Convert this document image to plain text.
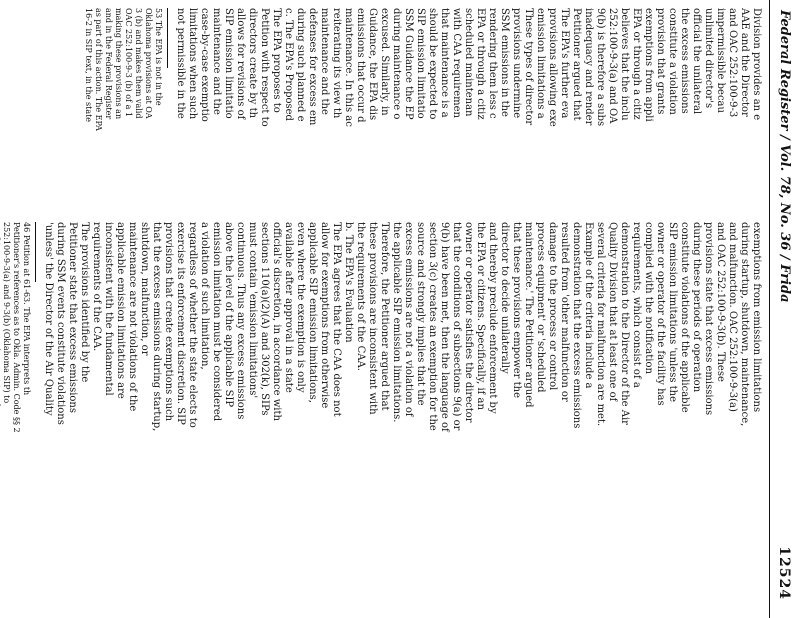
12524
Federal Register / Vol. 78, No. 36 / Frida

Division provides an e

AAE and the Director

and OAC 252:100-9-3

impermissible becau

unlimited director's

official the unilateral

the excess emissions

constitute a violation

provision that grants

exemptions from appli

EPA or through a citiz

believes that the inclu

252:100-9-3(a) and OA

9(b) is therefore a subs

inadequacy and render

Petitioner argued that

The EPA's further eva

provisions allowing exe

emission limitations a

These types of director

provisions undermine

SSM emissions in the

rendering them less c

EPA or through a citiz

scheduled maintenan

with CAA requiremen

that maintenance is a

should be expected to

SIP emission limitatio

SSM Guidance the EP

during maintenance o

excused. Similarly, in

Guidance, the EPA dis

emissions that occur d

maintenance. In this ac

reiterating its view th

maintenance and the

defenses for excess em

during such planned e

c. The EPA's Proposed

The EPA proposes to

Petition with respect to

directors create by th

allows for revisions of

SIP emission limitatio

maintenance and the

case-by-case exemptio

limitations when such

not permissible in the

53 The EPA is not in the

Oklahoma provisions at OA

3 (b) and makes them valid

OAC 252:100-9-3 (b) of a 1

making these provisions an

and in the Federal Register

as part of this action. The EPA

16-2 in SIP text, in the state

exemptions from emission limitations

during startup, shutdown, maintenance,

and malfunction. OAC 252:100-9-3(a)

and OAC 252:100-9-3(b). These

provisions state that excess emissions

during these periods of operation

constitute violations of the applicable

SIP emission limitations 'unless the

owner or operator of the facility has

complied with the notification

requirements, which consist of a

demonstration to the Director of the Air

Quality Division that at least one of

several criteria for malfunction are met.

Example of the criteria include a

demonstration that the excess emissions

resulted from 'other malfunction or

damage to the process or control

process equipment' or 'scheduled

maintenance.' The Petitioner argued

that these provisions empower the

director to decide unilaterally

and thereby preclude enforcement by

the EPA or citizens. Specifically, if an

owner or operator satisfies the director

that the conditions of subsections 9(a) or

9(b) have been met, then the language of

section 3(c) creates an exemption for the

source and strongly implies that the

excess emissions are not a violation of

the applicable SIP emission limitations.

Therefore, the Petitioner argued that

these provisions are inconsistent with

the requirements of the CAA.

b. The EPA's Evaluation

The EPA agrees that the CAA does not

allow for exemptions from otherwise

applicable SIP emission limitations,

even where the exemption is only

available after approval in a state

official's discretion, in accordance with

sections 110(a)(2)(A) and 302(k), SIPs

must contain 'emission limitations'

continuous. Thus any excess emissions

above the level of the applicable SIP

emission limitation must be considered

a violation of such limitation,

regardless of whether the state elects to

exercise its enforcement discretion. SIP

provisions that create exemptions such

that the excess emissions during startup,

shutdown, malfunction, or

maintenance are not violations of the

applicable emission limitations are

inconsistent with the fundamental

requirements of the CAA.

The provisions identified by the

Petitioner state that excess emissions

during SSM events constitute violations

'unless' the Director of the Air Quality

46 Petition at 61-63. The EPA interprets th

Petitioner's references as to Okla. Admin. Code §§ 2

252:100-9-3(a) and 9-3(b) (Oklahoma SIP) to
